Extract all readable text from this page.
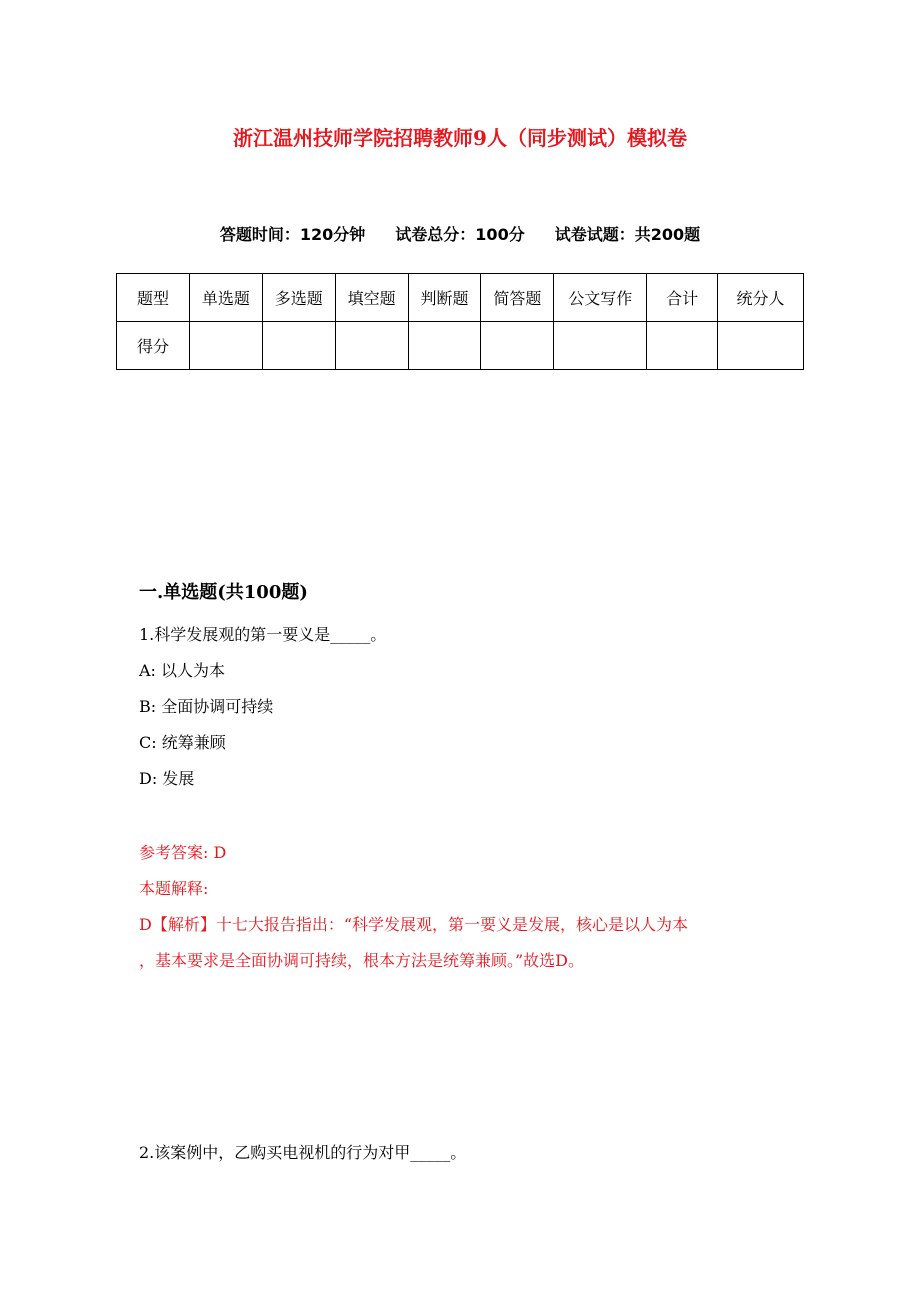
浙江温州技师学院招聘教师9人（同步测试）模拟卷
答题时间：120分钟 试卷总分：100分 试卷试题：共200题
题型	单选题	多选题	填空题	判断题	简答题	公文写作	合计	统分人
得分								
一.单选题(共100题)
1.科学发展观的第一要义是_____。
A: 以人为本
B: 全面协调可持续
C: 统筹兼顾
D: 发展
参考答案: D
本题解释:
D【解析】十七大报告指出：“科学发展观，第一要义是发展，核心是以人为本
，基本要求是全面协调可持续，根本方法是统筹兼顾。”故选D。
2.该案例中，乙购买电视机的行为对甲_____。
